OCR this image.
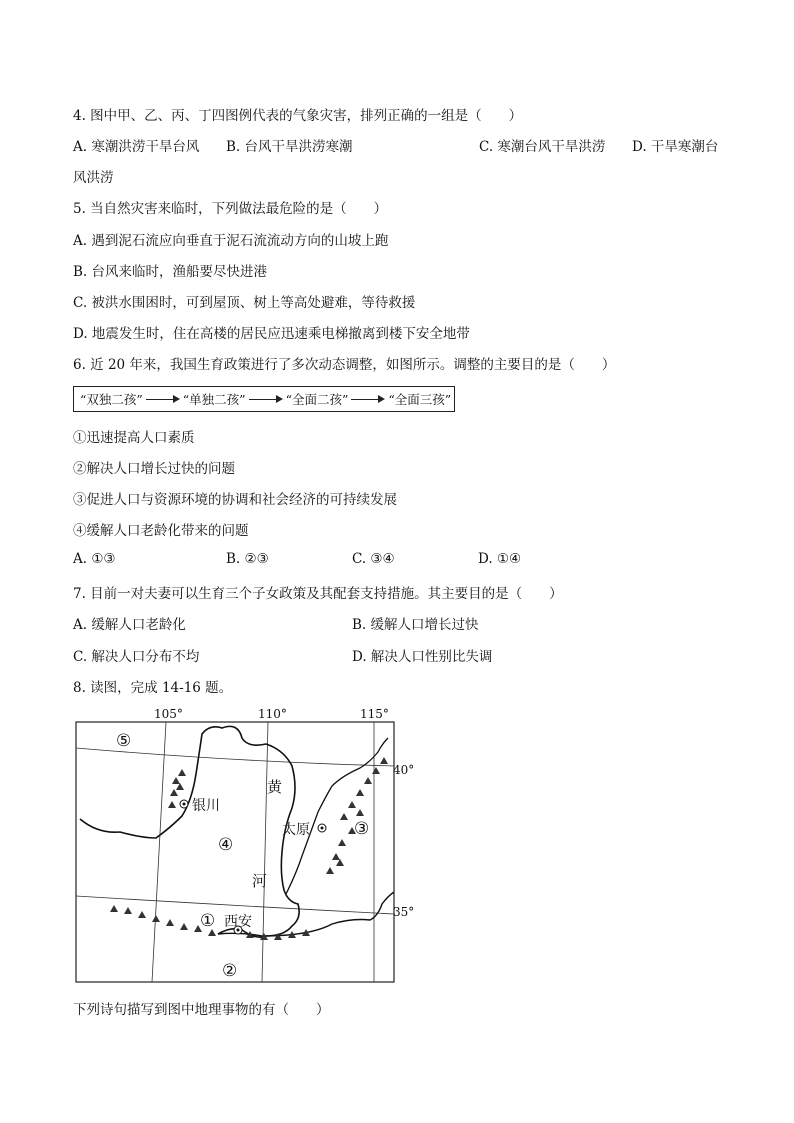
4. 图中甲、乙、丙、丁四图例代表的气象灾害，排列正确的一组是（　　）
A. 寒潮洪涝干旱台风 B. 台风干旱洪涝寒潮	C. 寒潮台风干旱洪涝 D. 干旱寒潮台
风洪涝
5. 当自然灾害来临时，下列做法最危险的是（　　）
A. 遇到泥石流应向垂直于泥石流流动方向的山坡上跑
B. 台风来临时，渔船要尽快进港
C. 被洪水围困时，可到屋顶、树上等高处避难，等待救援
D. 地震发生时，住在高楼的居民应迅速乘电梯撤离到楼下安全地带
6. 近 20 年来，我国生育政策进行了多次动态调整，如图所示。调整的主要目的是（　　）
“双独二孩”	“单独二孩”	“全面二孩”	“全面三孩”
①迅速提高人口素质
②解决人口增长过快的问题
③促进人口与资源环境的协调和社会经济的可持续发展
④缓解人口老龄化带来的问题
A. ①③	B. ②③	C. ③④	D. ①④
7. 目前一对夫妻可以生育三个子女政策及其配套支持措施。其主要目的是（　　）
A. 缓解人口老龄化	B. 缓解人口增长过快
C. 解决人口分布不均	D. 解决人口性别比失调
8. 读图，完成 14-16 题。
105°	110°	115°
40°
35°
银川
太原
西安
黄
河
①
②
③
④
⑤
下列诗句描写到图中地理事物的有（　　）
